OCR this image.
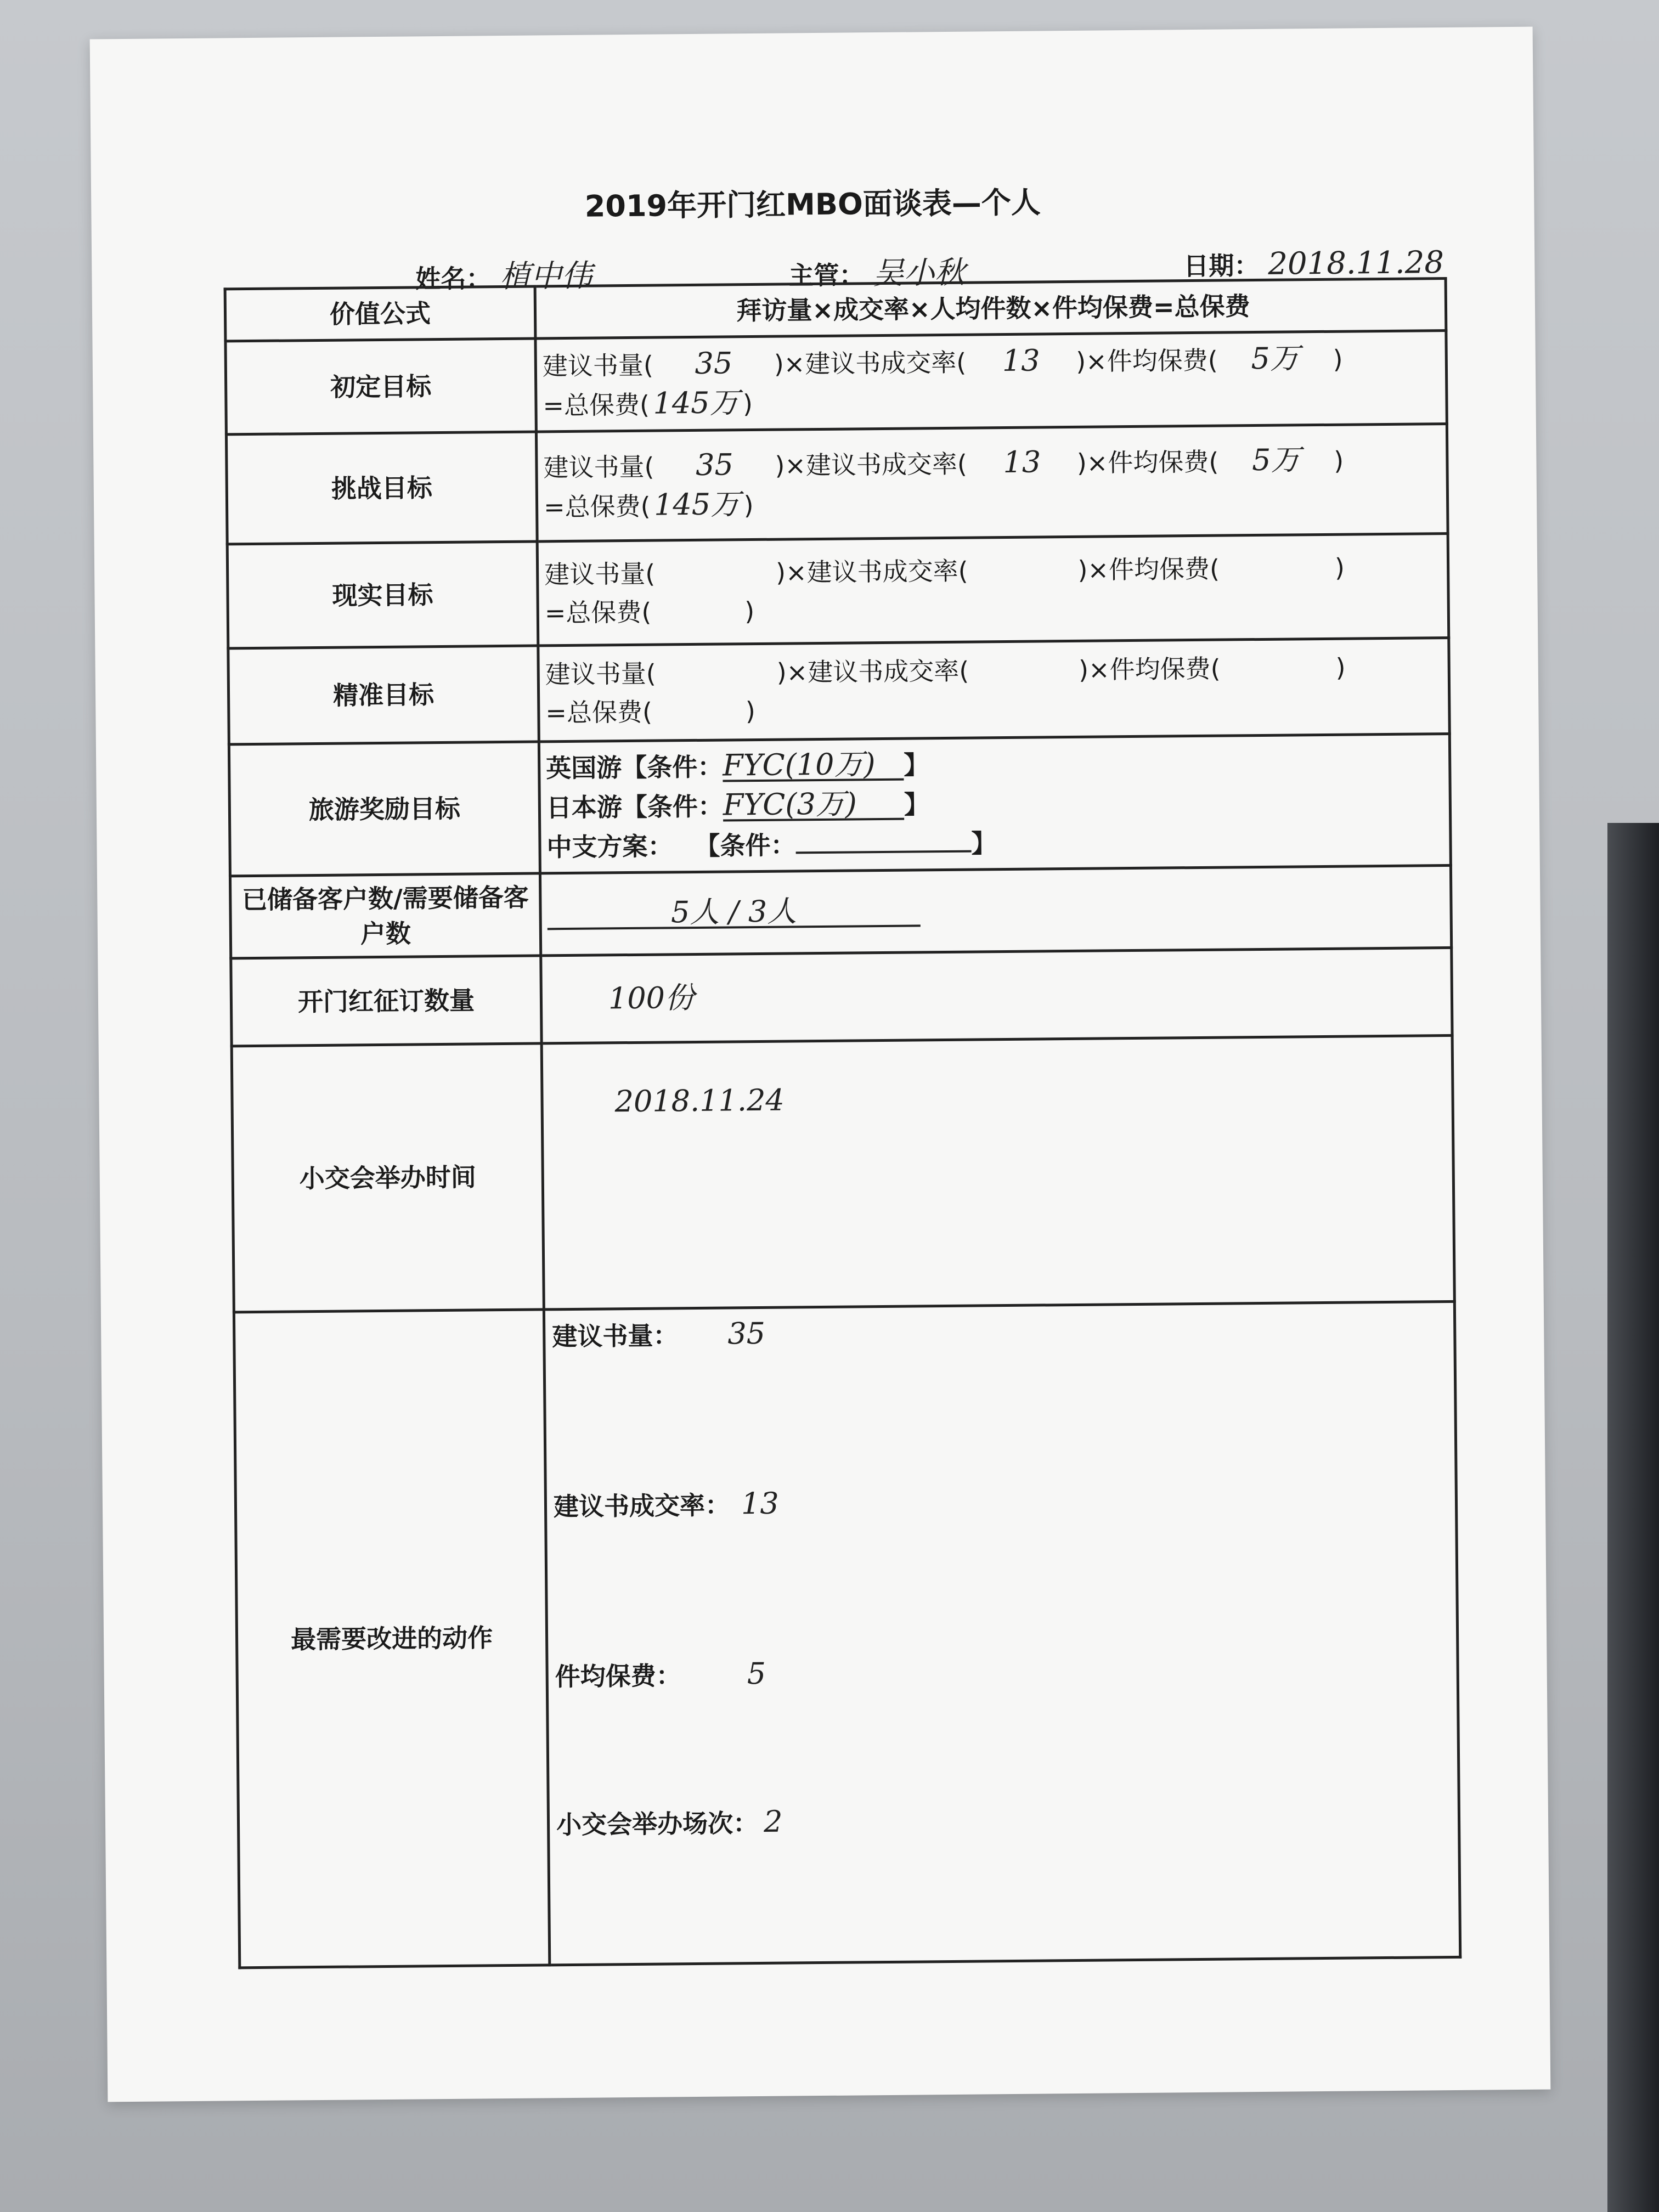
2019年开门红MBO面谈表—个人
姓名： 植中伟	主管： 吴小秋	日期： 2018.11.28
价值公式	拜访量×成交率×人均件数×件均保费=总保费
初定目标	建议书量( 35 )×建议书成交率( 13 )×件均保费( 5万 )
=总保费( 145万 )

挑战目标	建议书量( 35 )×建议书成交率( 13 )×件均保费( 5万 )
=总保费( 145万 )

现实目标	建议书量( )×建议书成交率( )×件均保费( )
=总保费( )

精准目标	建议书量( )×建议书成交率( )×件均保费( )
=总保费( )

旅游奖励目标	英国游【条件：FYC(10万) 】
日本游【条件：FYC(3万) 】
中支方案： 【条件： 】

已储备客户数/需要储备客户数	5人 / 3人
开门红征订数量	100份
小交会举办时间	2018.11.24

最需要改进的动作	建议书量： 35
建议书成交率： 13
件均保费： 5
小交会举办场次： 2
